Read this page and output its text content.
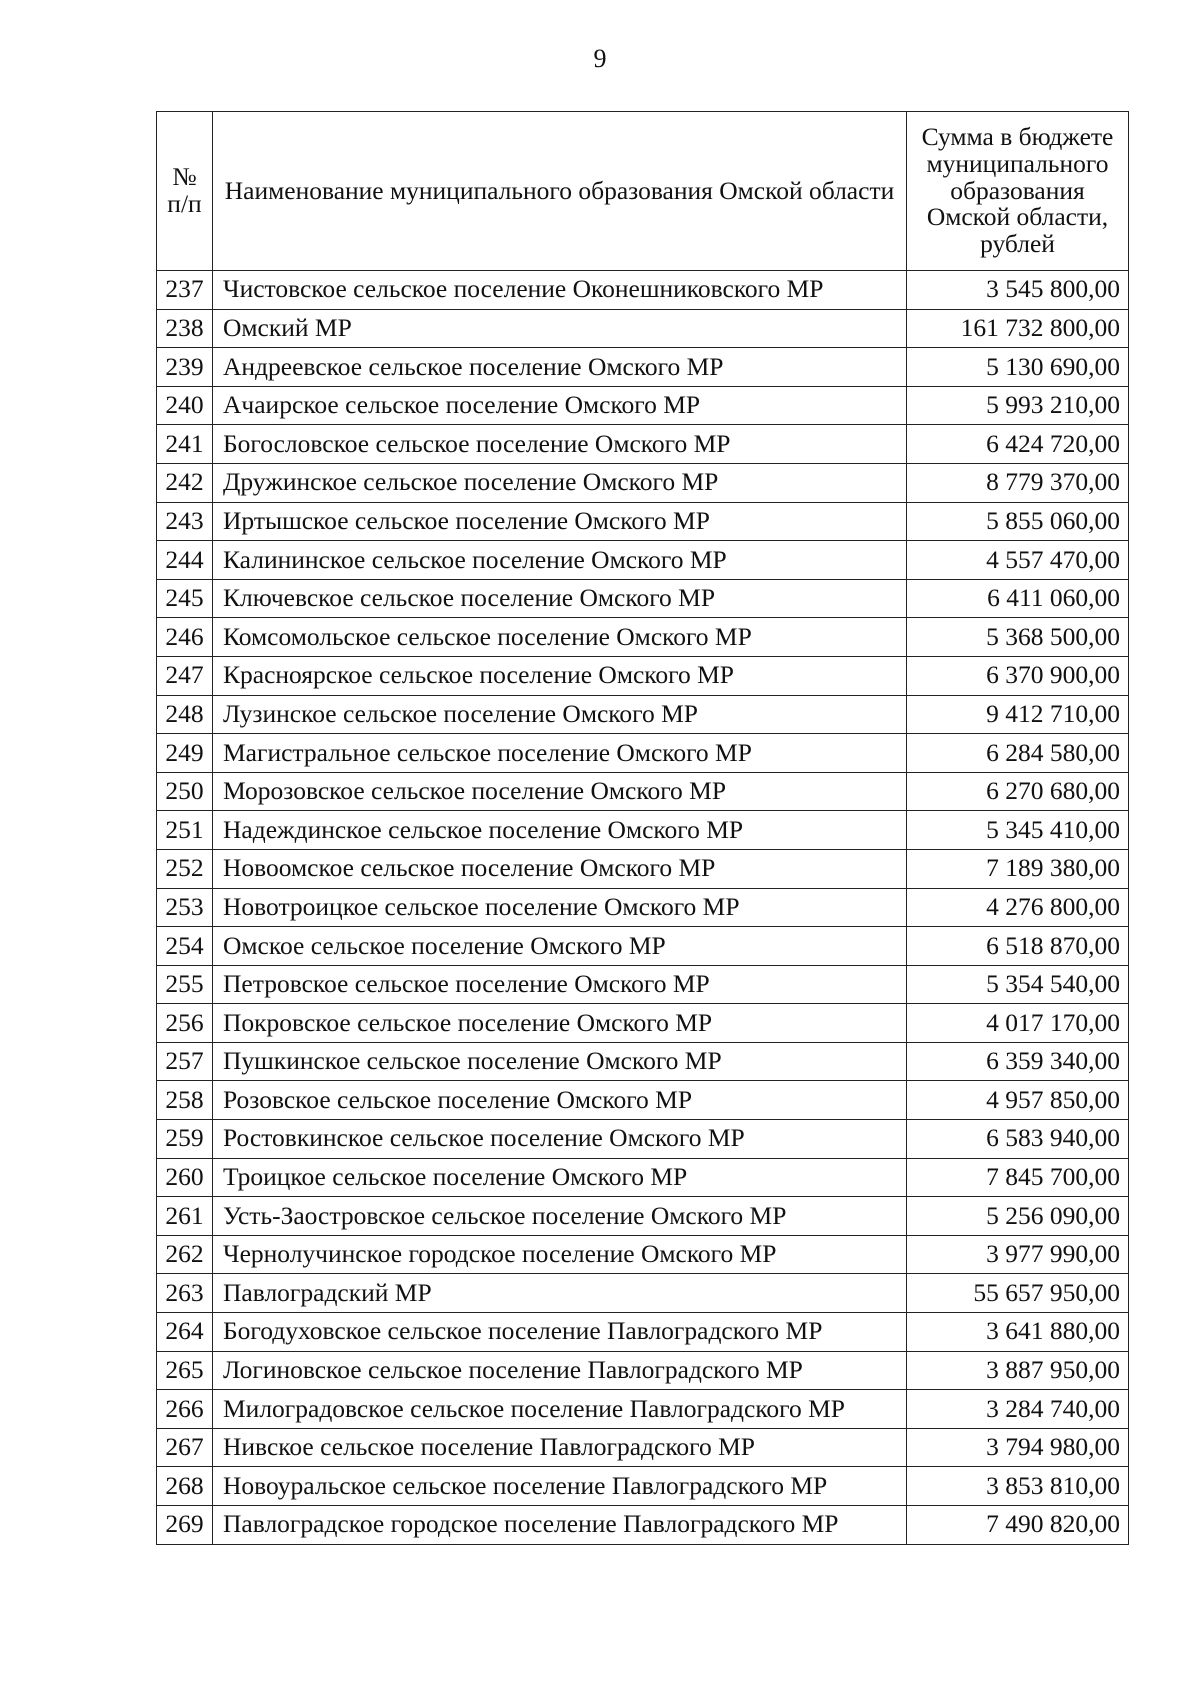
9
№ п/п	Наименование муниципального образования Омской области	Сумма в бюджете муниципального образования Омской области, рублей
237	Чистовское сельское поселение Оконешниковского МР	3 545 800,00
238	Омский МР	161 732 800,00
239	Андреевское сельское поселение Омского МР	5 130 690,00
240	Ачаирское сельское поселение Омского МР	5 993 210,00
241	Богословское сельское поселение Омского МР	6 424 720,00
242	Дружинское сельское поселение Омского МР	8 779 370,00
243	Иртышское сельское поселение Омского МР	5 855 060,00
244	Калининское сельское поселение Омского МР	4 557 470,00
245	Ключевское сельское поселение Омского МР	6 411 060,00
246	Комсомольское сельское поселение Омского МР	5 368 500,00
247	Красноярское сельское поселение Омского МР	6 370 900,00
248	Лузинское сельское поселение Омского МР	9 412 710,00
249	Магистральное сельское поселение Омского МР	6 284 580,00
250	Морозовское сельское поселение Омского МР	6 270 680,00
251	Надеждинское сельское поселение Омского МР	5 345 410,00
252	Новоомское сельское поселение Омского МР	7 189 380,00
253	Новотроицкое сельское поселение Омского МР	4 276 800,00
254	Омское сельское поселение Омского МР	6 518 870,00
255	Петровское сельское поселение Омского МР	5 354 540,00
256	Покровское сельское поселение Омского МР	4 017 170,00
257	Пушкинское сельское поселение Омского МР	6 359 340,00
258	Розовское сельское поселение Омского МР	4 957 850,00
259	Ростовкинское сельское поселение Омского МР	6 583 940,00
260	Троицкое сельское поселение Омского МР	7 845 700,00
261	Усть-Заостровское сельское поселение Омского МР	5 256 090,00
262	Чернолучинское городское поселение Омского МР	3 977 990,00
263	Павлоградский МР	55 657 950,00
264	Богодуховское сельское поселение Павлоградского МР	3 641 880,00
265	Логиновское сельское поселение Павлоградского МР	3 887 950,00
266	Милоградовское сельское поселение Павлоградского МР	3 284 740,00
267	Нивское сельское поселение Павлоградского МР	3 794 980,00
268	Новоуральское сельское поселение Павлоградского МР	3 853 810,00
269	Павлоградское городское поселение Павлоградского МР	7 490 820,00
